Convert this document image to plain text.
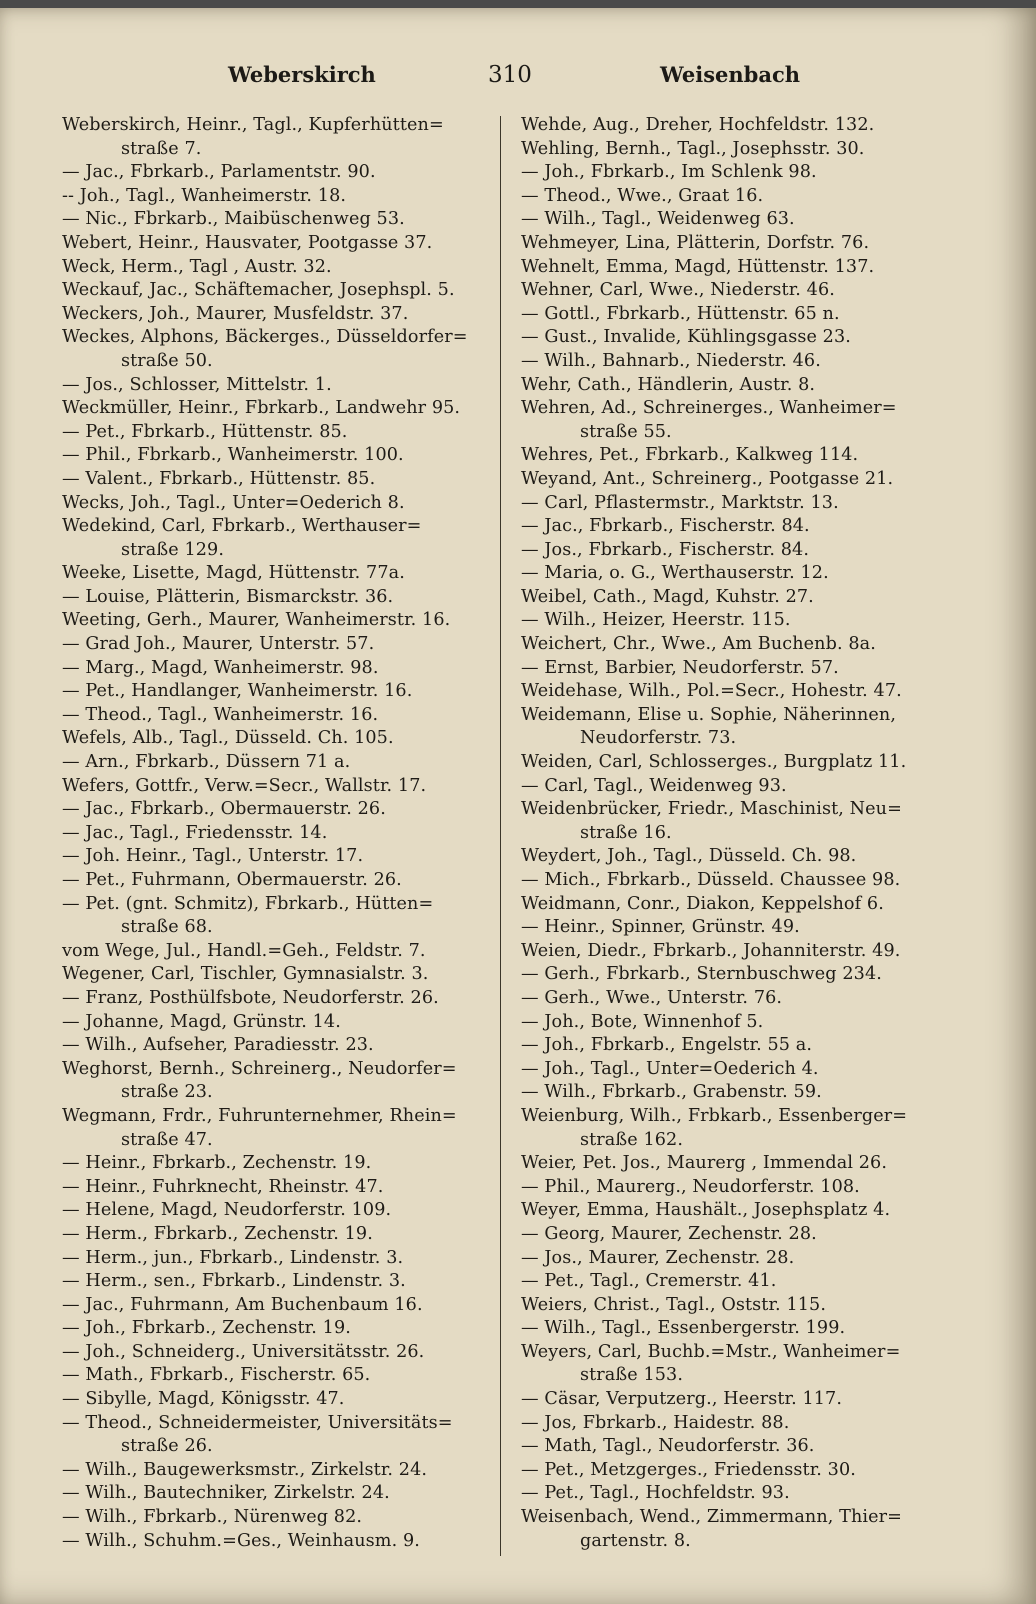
Weberskirch	310	Weisenbach
Weberskirch, Heinr., Tagl., Kupferhütten=
straße 7.
— Jac., Fbrkarb., Parlamentstr. 90.
-- Joh., Tagl., Wanheimerstr. 18.
— Nic., Fbrkarb., Maibüschenweg 53.
Webert, Heinr., Hausvater, Pootgasse 37.
Weck, Herm., Tagl , Austr. 32.
Weckauf, Jac., Schäftemacher, Josephspl. 5.
Weckers, Joh., Maurer, Musfeldstr. 37.
Weckes, Alphons, Bäckerges., Düsseldorfer=
straße 50.
— Jos., Schlosser, Mittelstr. 1.
Weckmüller, Heinr., Fbrkarb., Landwehr 95.
— Pet., Fbrkarb., Hüttenstr. 85.
— Phil., Fbrkarb., Wanheimerstr. 100.
— Valent., Fbrkarb., Hüttenstr. 85.
Wecks, Joh., Tagl., Unter=Oederich 8.
Wedekind, Carl, Fbrkarb., Werthauser=
straße 129.
Weeke, Lisette, Magd, Hüttenstr. 77a.
— Louise, Plätterin, Bismarckstr. 36.
Weeting, Gerh., Maurer, Wanheimerstr. 16.
— Grad Joh., Maurer, Unterstr. 57.
— Marg., Magd, Wanheimerstr. 98.
— Pet., Handlanger, Wanheimerstr. 16.
— Theod., Tagl., Wanheimerstr. 16.
Wefels, Alb., Tagl., Düsseld. Ch. 105.
— Arn., Fbrkarb., Düssern 71 a.
Wefers, Gottfr., Verw.=Secr., Wallstr. 17.
— Jac., Fbrkarb., Obermauerstr. 26.
— Jac., Tagl., Friedensstr. 14.
— Joh. Heinr., Tagl., Unterstr. 17.
— Pet., Fuhrmann, Obermauerstr. 26.
— Pet. (gnt. Schmitz), Fbrkarb., Hütten=
straße 68.
vom Wege, Jul., Handl.=Geh., Feldstr. 7.
Wegener, Carl, Tischler, Gymnasialstr. 3.
— Franz, Posthülfsbote, Neudorferstr. 26.
— Johanne, Magd, Grünstr. 14.
— Wilh., Aufseher, Paradiesstr. 23.
Weghorst, Bernh., Schreinerg., Neudorfer=
straße 23.
Wegmann, Frdr., Fuhrunternehmer, Rhein=
straße 47.
— Heinr., Fbrkarb., Zechenstr. 19.
— Heinr., Fuhrknecht, Rheinstr. 47.
— Helene, Magd, Neudorferstr. 109.
— Herm., Fbrkarb., Zechenstr. 19.
— Herm., jun., Fbrkarb., Lindenstr. 3.
— Herm., sen., Fbrkarb., Lindenstr. 3.
— Jac., Fuhrmann, Am Buchenbaum 16.
— Joh., Fbrkarb., Zechenstr. 19.
— Joh., Schneiderg., Universitätsstr. 26.
— Math., Fbrkarb., Fischerstr. 65.
— Sibylle, Magd, Königsstr. 47.
— Theod., Schneidermeister, Universitäts=
straße 26.
— Wilh., Baugewerksmstr., Zirkelstr. 24.
— Wilh., Bautechniker, Zirkelstr. 24.
— Wilh., Fbrkarb., Nürenweg 82.
— Wilh., Schuhm.=Ges., Weinhausm. 9.
Wehde, Aug., Dreher, Hochfeldstr. 132.
Wehling, Bernh., Tagl., Josephsstr. 30.
— Joh., Fbrkarb., Im Schlenk 98.
— Theod., Wwe., Graat 16.
— Wilh., Tagl., Weidenweg 63.
Wehmeyer, Lina, Plätterin, Dorfstr. 76.
Wehnelt, Emma, Magd, Hüttenstr. 137.
Wehner, Carl, Wwe., Niederstr. 46.
— Gottl., Fbrkarb., Hüttenstr. 65 n.
— Gust., Invalide, Kühlingsgasse 23.
— Wilh., Bahnarb., Niederstr. 46.
Wehr, Cath., Händlerin, Austr. 8.
Wehren, Ad., Schreinerges., Wanheimer=
straße 55.
Wehres, Pet., Fbrkarb., Kalkweg 114.
Weyand, Ant., Schreinerg., Pootgasse 21.
— Carl, Pflastermstr., Marktstr. 13.
— Jac., Fbrkarb., Fischerstr. 84.
— Jos., Fbrkarb., Fischerstr. 84.
— Maria, o. G., Werthauserstr. 12.
Weibel, Cath., Magd, Kuhstr. 27.
— Wilh., Heizer, Heerstr. 115.
Weichert, Chr., Wwe., Am Buchenb. 8a.
— Ernst, Barbier, Neudorferstr. 57.
Weidehase, Wilh., Pol.=Secr., Hohestr. 47.
Weidemann, Elise u. Sophie, Näherinnen,
Neudorferstr. 73.
Weiden, Carl, Schlosserges., Burgplatz 11.
— Carl, Tagl., Weidenweg 93.
Weidenbrücker, Friedr., Maschinist, Neu=
straße 16.
Weydert, Joh., Tagl., Düsseld. Ch. 98.
— Mich., Fbrkarb., Düsseld. Chaussee 98.
Weidmann, Conr., Diakon, Keppelshof 6.
— Heinr., Spinner, Grünstr. 49.
Weien, Diedr., Fbrkarb., Johanniterstr. 49.
— Gerh., Fbrkarb., Sternbuschweg 234.
— Gerh., Wwe., Unterstr. 76.
— Joh., Bote, Winnenhof 5.
— Joh., Fbrkarb., Engelstr. 55 a.
— Joh., Tagl., Unter=Oederich 4.
— Wilh., Fbrkarb., Grabenstr. 59.
Weienburg, Wilh., Frbkarb., Essenberger=
straße 162.
Weier, Pet. Jos., Maurerg , Immendal 26.
— Phil., Maurerg., Neudorferstr. 108.
Weyer, Emma, Haushält., Josephsplatz 4.
— Georg, Maurer, Zechenstr. 28.
— Jos., Maurer, Zechenstr. 28.
— Pet., Tagl., Cremerstr. 41.
Weiers, Christ., Tagl., Oststr. 115.
— Wilh., Tagl., Essenbergerstr. 199.
Weyers, Carl, Buchb.=Mstr., Wanheimer=
straße 153.
— Cäsar, Verputzerg., Heerstr. 117.
— Jos, Fbrkarb., Haidestr. 88.
— Math, Tagl., Neudorferstr. 36.
— Pet., Metzgerges., Friedensstr. 30.
— Pet., Tagl., Hochfeldstr. 93.
Weisenbach, Wend., Zimmermann, Thier=
gartenstr. 8.
